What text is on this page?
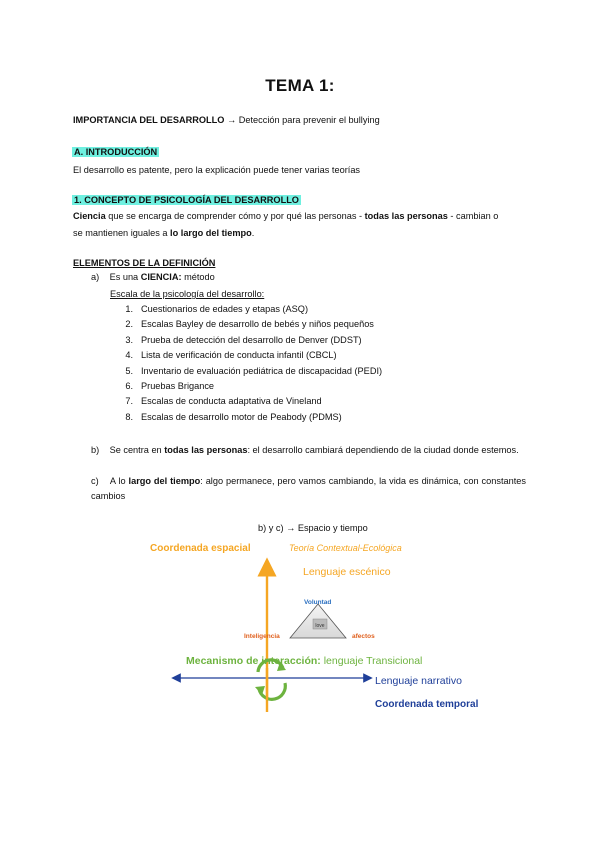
TEMA 1:
IMPORTANCIA DEL DESARROLLO → Detección para prevenir el bullying
A. INTRODUCCIÓN
El desarrollo es patente, pero la explicación puede tener varias teorías
1. CONCEPTO DE PSICOLOGÍA DEL DESARROLLO
Ciencia que se encarga de comprender cómo y por qué las personas - todas las personas - cambian o
se mantienen iguales a lo largo del tiempo.
ELEMENTOS DE LA DEFINICIÓN
a) Es una CIENCIA: método
Escala de la psicología del desarrollo:
1. Cuestionarios de edades y etapas (ASQ)
2. Escalas Bayley de desarrollo de bebés y niños pequeños
3. Prueba de detección del desarrollo de Denver (DDST)
4. Lista de verificación de conducta infantil (CBCL)
5. Inventario de evaluación pediátrica de discapacidad (PEDI)
6. Pruebas Brigance
7. Escalas de conducta adaptativa de Vineland
8. Escalas de desarrollo motor de Peabody (PDMS)
b) Se centra en todas las personas: el desarrollo cambiará dependiendo de la ciudad donde estemos.
c) A lo largo del tiempo: algo permanece, pero vamos cambiando, la vida es dinámica, con constantes cambios
b) y c) → Espacio y tiempo
love
Coordenada espacial	Teoría Contextual-Ecológica
Lenguaje escénico
Voluntad
Inteligencia	afectos
Mecanismo de interacción: lenguaje Transicional
Lenguaje narrativo
Coordenada temporal
